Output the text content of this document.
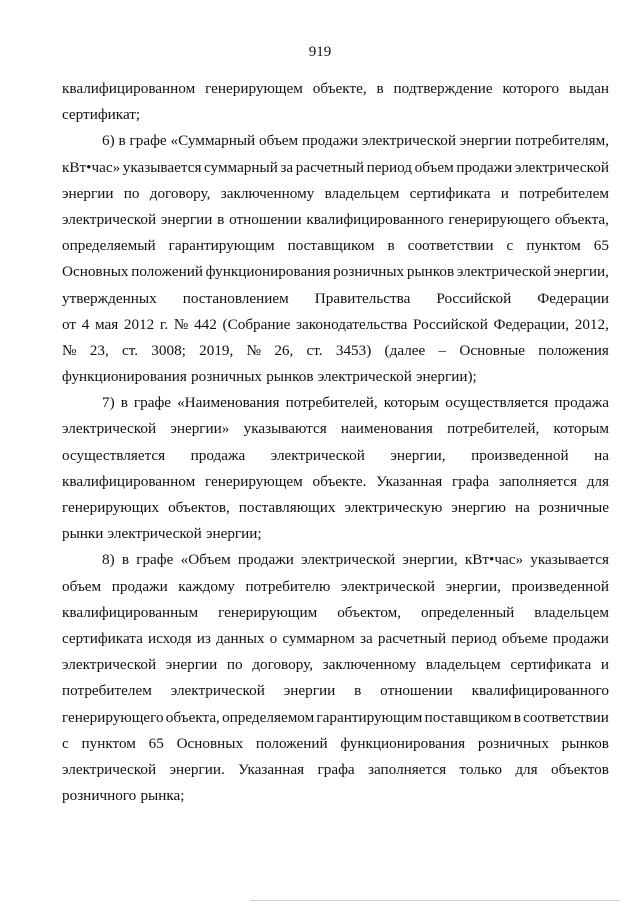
919
квалифицированном генерирующем объекте, в подтверждение которого выдан
сертификат;
6) в графе «Суммарный объем продажи электрической энергии потребителям,
кВт•час» указывается суммарный за расчетный период объем продажи электрической
энергии по договору, заключенному владельцем сертификата и потребителем
электрической энергии в отношении квалифицированного генерирующего объекта,
определяемый гарантирующим поставщиком в соответствии с пунктом 65
Основных положений функционирования розничных рынков электрической энергии,
утвержденных постановлением Правительства Российской Федерации
от 4 мая 2012 г. № 442 (Собрание законодательства Российской Федерации, 2012,
№ 23, ст. 3008; 2019, № 26, ст. 3453) (далее – Основные положения
функционирования розничных рынков электрической энергии);
7) в графе «Наименования потребителей, которым осуществляется продажа
электрической энергии» указываются наименования потребителей, которым
осуществляется продажа электрической энергии, произведенной на
квалифицированном генерирующем объекте. Указанная графа заполняется для
генерирующих объектов, поставляющих электрическую энергию на розничные
рынки электрической энергии;
8) в графе «Объем продажи электрической энергии, кВт•час» указывается
объем продажи каждому потребителю электрической энергии, произведенной
квалифицированным генерирующим объектом, определенный владельцем
сертификата исходя из данных о суммарном за расчетный период объеме продажи
электрической энергии по договору, заключенному владельцем сертификата и
потребителем электрической энергии в отношении квалифицированного
генерирующего объекта, определяемом гарантирующим поставщиком в соответствии
с пунктом 65 Основных положений функционирования розничных рынков
электрической энергии. Указанная графа заполняется только для объектов
розничного рынка;
